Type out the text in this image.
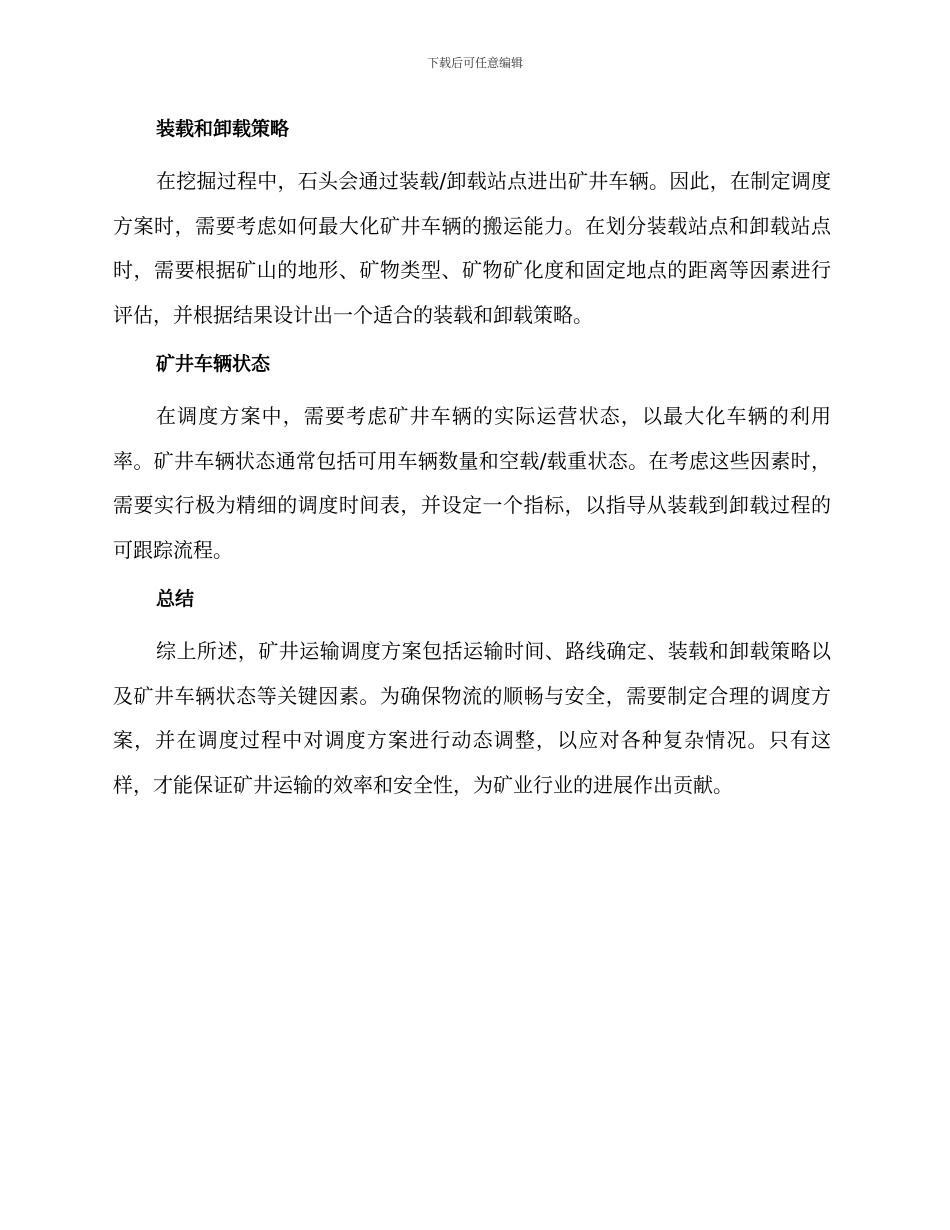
下载后可任意编辑
装载和卸载策略

在挖掘过程中，石头会通过装载/卸载站点进出矿井车辆。因此，在制定调度方案时，需要考虑如何最大化矿井车辆的搬运能力。在划分装载站点和卸载站点时，需要根据矿山的地形、矿物类型、矿物矿化度和固定地点的距离等因素进行评估，并根据结果设计出一个适合的装载和卸载策略。

矿井车辆状态

在调度方案中，需要考虑矿井车辆的实际运营状态，以最大化车辆的利用率。矿井车辆状态通常包括可用车辆数量和空载/载重状态。在考虑这些因素时，需要实行极为精细的调度时间表，并设定一个指标，以指导从装载到卸载过程的可跟踪流程。

总结

综上所述，矿井运输调度方案包括运输时间、路线确定、装载和卸载策略以及矿井车辆状态等关键因素。为确保物流的顺畅与安全，需要制定合理的调度方案，并在调度过程中对调度方案进行动态调整，以应对各种复杂情况。只有这样，才能保证矿井运输的效率和安全性，为矿业行业的进展作出贡献。
